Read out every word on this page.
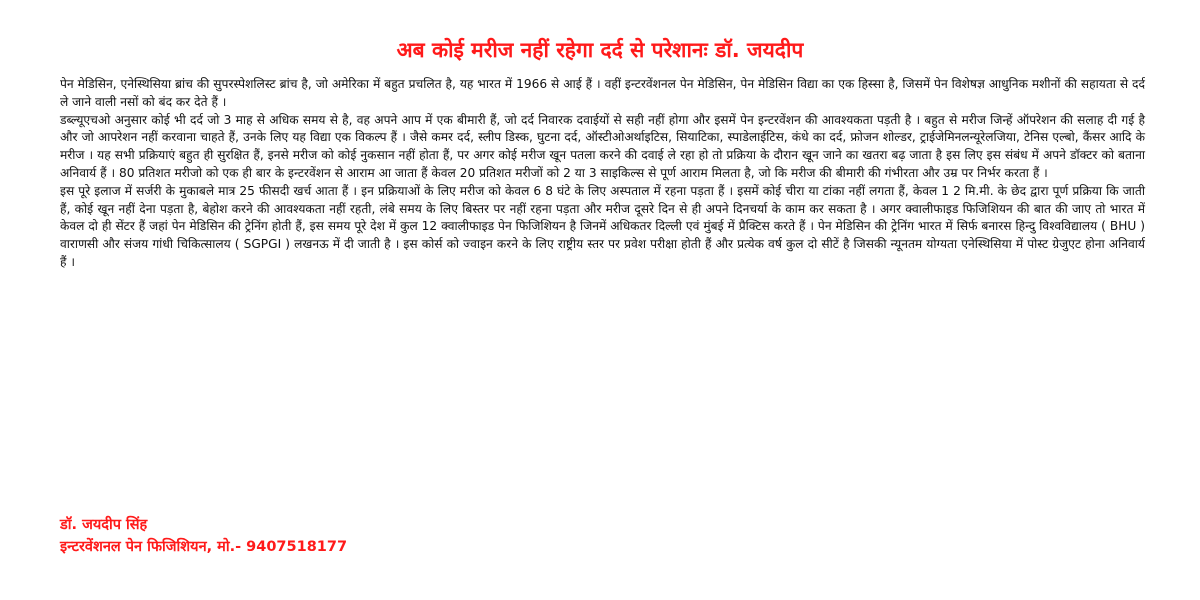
अब कोई मरीज नहीं रहेगा दर्द से परेशानः डॉ. जयदीप

पेन मेडिसिन, एनेस्थिसिया ब्रांच की सुपरस्पेशलिस्ट ब्रांच है, जो अमेरिका में बहुत प्रचलित है, यह भारत में 1966 से आई हैं । वहीं इन्टरवेंशनल पेन मेडिसिन, पेन मेडिसिन विद्या का एक हिस्सा है, जिसमें पेन विशेषज्ञ आधुनिक मशीनों की सहायता से दर्द ले जाने वाली नसों को बंद कर देते हैं ।

डब्ल्यूएचओ अनुसार कोई भी दर्द जो 3 माह से अधिक समय से है, वह अपने आप में एक बीमारी हैं, जो दर्द निवारक दवाईयों से सही नहीं होगा और इसमें पेन इन्टरवेंशन की आवश्यकता पड़ती है । बहुत से मरीज जिन्हें ऑपरेशन की सलाह दी गई है और जो आपरेशन नहीं करवाना चाहते हैं, उनके लिए यह विद्या एक विकल्प हैं । जैसे कमर दर्द, स्लीप डिस्क, घुटना दर्द, ऑस्टीओअर्थाइटिस, सियाटिका, स्पाडेलाईटिस, कंधे का दर्द, फ्रोजन शोल्डर, ट्राईजेमिनलन्यूरेलजिया, टेनिस एल्बो, कैंसर आदि के मरीज । यह सभी प्रक्रियाएं बहुत ही सुरक्षित हैं, इनसे मरीज को कोई नुकसान नहीं होता हैं, पर अगर कोई मरीज खून पतला करने की दवाई ले रहा हो तो प्रक्रिया के दौरान खून जाने का खतरा बढ़ जाता है इस लिए इस संबंध में अपने डॉक्टर को बताना अनिवार्य हैं । 80 प्रतिशत मरीजो को एक ही बार के इन्टरवेंशन से आराम आ जाता हैं केवल 20 प्रतिशत मरीजों को 2 या 3 साइकिल्स से पूर्ण आराम मिलता है, जो कि मरीज की बीमारी की गंभीरता और उम्र पर निर्भर करता हैं ।

इस पूरे इलाज में सर्जरी के मुकाबले मात्र 25 फीसदी खर्च आता हैं । इन प्रक्रियाओं के लिए मरीज को केवल 6 8 घंटे के लिए अस्पताल में रहना पड़ता हैं । इसमें कोई चीरा या टांका नहीं लगता हैं, केवल 1 2 मि.मी. के छेद द्वारा पूर्ण प्रक्रिया कि जाती हैं, कोई खून नहीं देना पड़ता है, बेहोश करने की आवश्यकता नहीं रहती, लंबे समय के लिए बिस्तर पर नहीं रहना पड़ता और मरीज दूसरे दिन से ही अपने दिनचर्या के काम कर सकता है । अगर क्वालीफाइड फिजिशियन की बात की जाए तो भारत में केवल दो ही सेंटर हैं जहां पेन मेडिसिन की ट्रेनिंग होती हैं, इस समय पूरे देश में कुल 12 क्वालीफाइड पेन फिजिशियन है जिनमें अधिकतर दिल्ली एवं मुंबई में प्रैक्टिस करते हैं । पेन मेडिसिन की ट्रेनिंग भारत में सिर्फ बनारस हिन्दु विश्वविद्यालय ( BHU ) वाराणसी और संजय गांधी चिकित्सालय ( SGPGI ) लखनऊ में दी जाती है । इस कोर्स को ज्वाइन करने के लिए राष्ट्रीय स्तर पर प्रवेश परीक्षा होती हैं और प्रत्येक वर्ष कुल दो सीटें है जिसकी न्यूनतम योग्यता एनेस्थिसिया में पोस्ट ग्रेजुएट होना अनिवार्य हैं ।

डॉ. जयदीप सिंह
इन्टरवेंशनल पेन फिजिशियन, मो.- 9407518177
